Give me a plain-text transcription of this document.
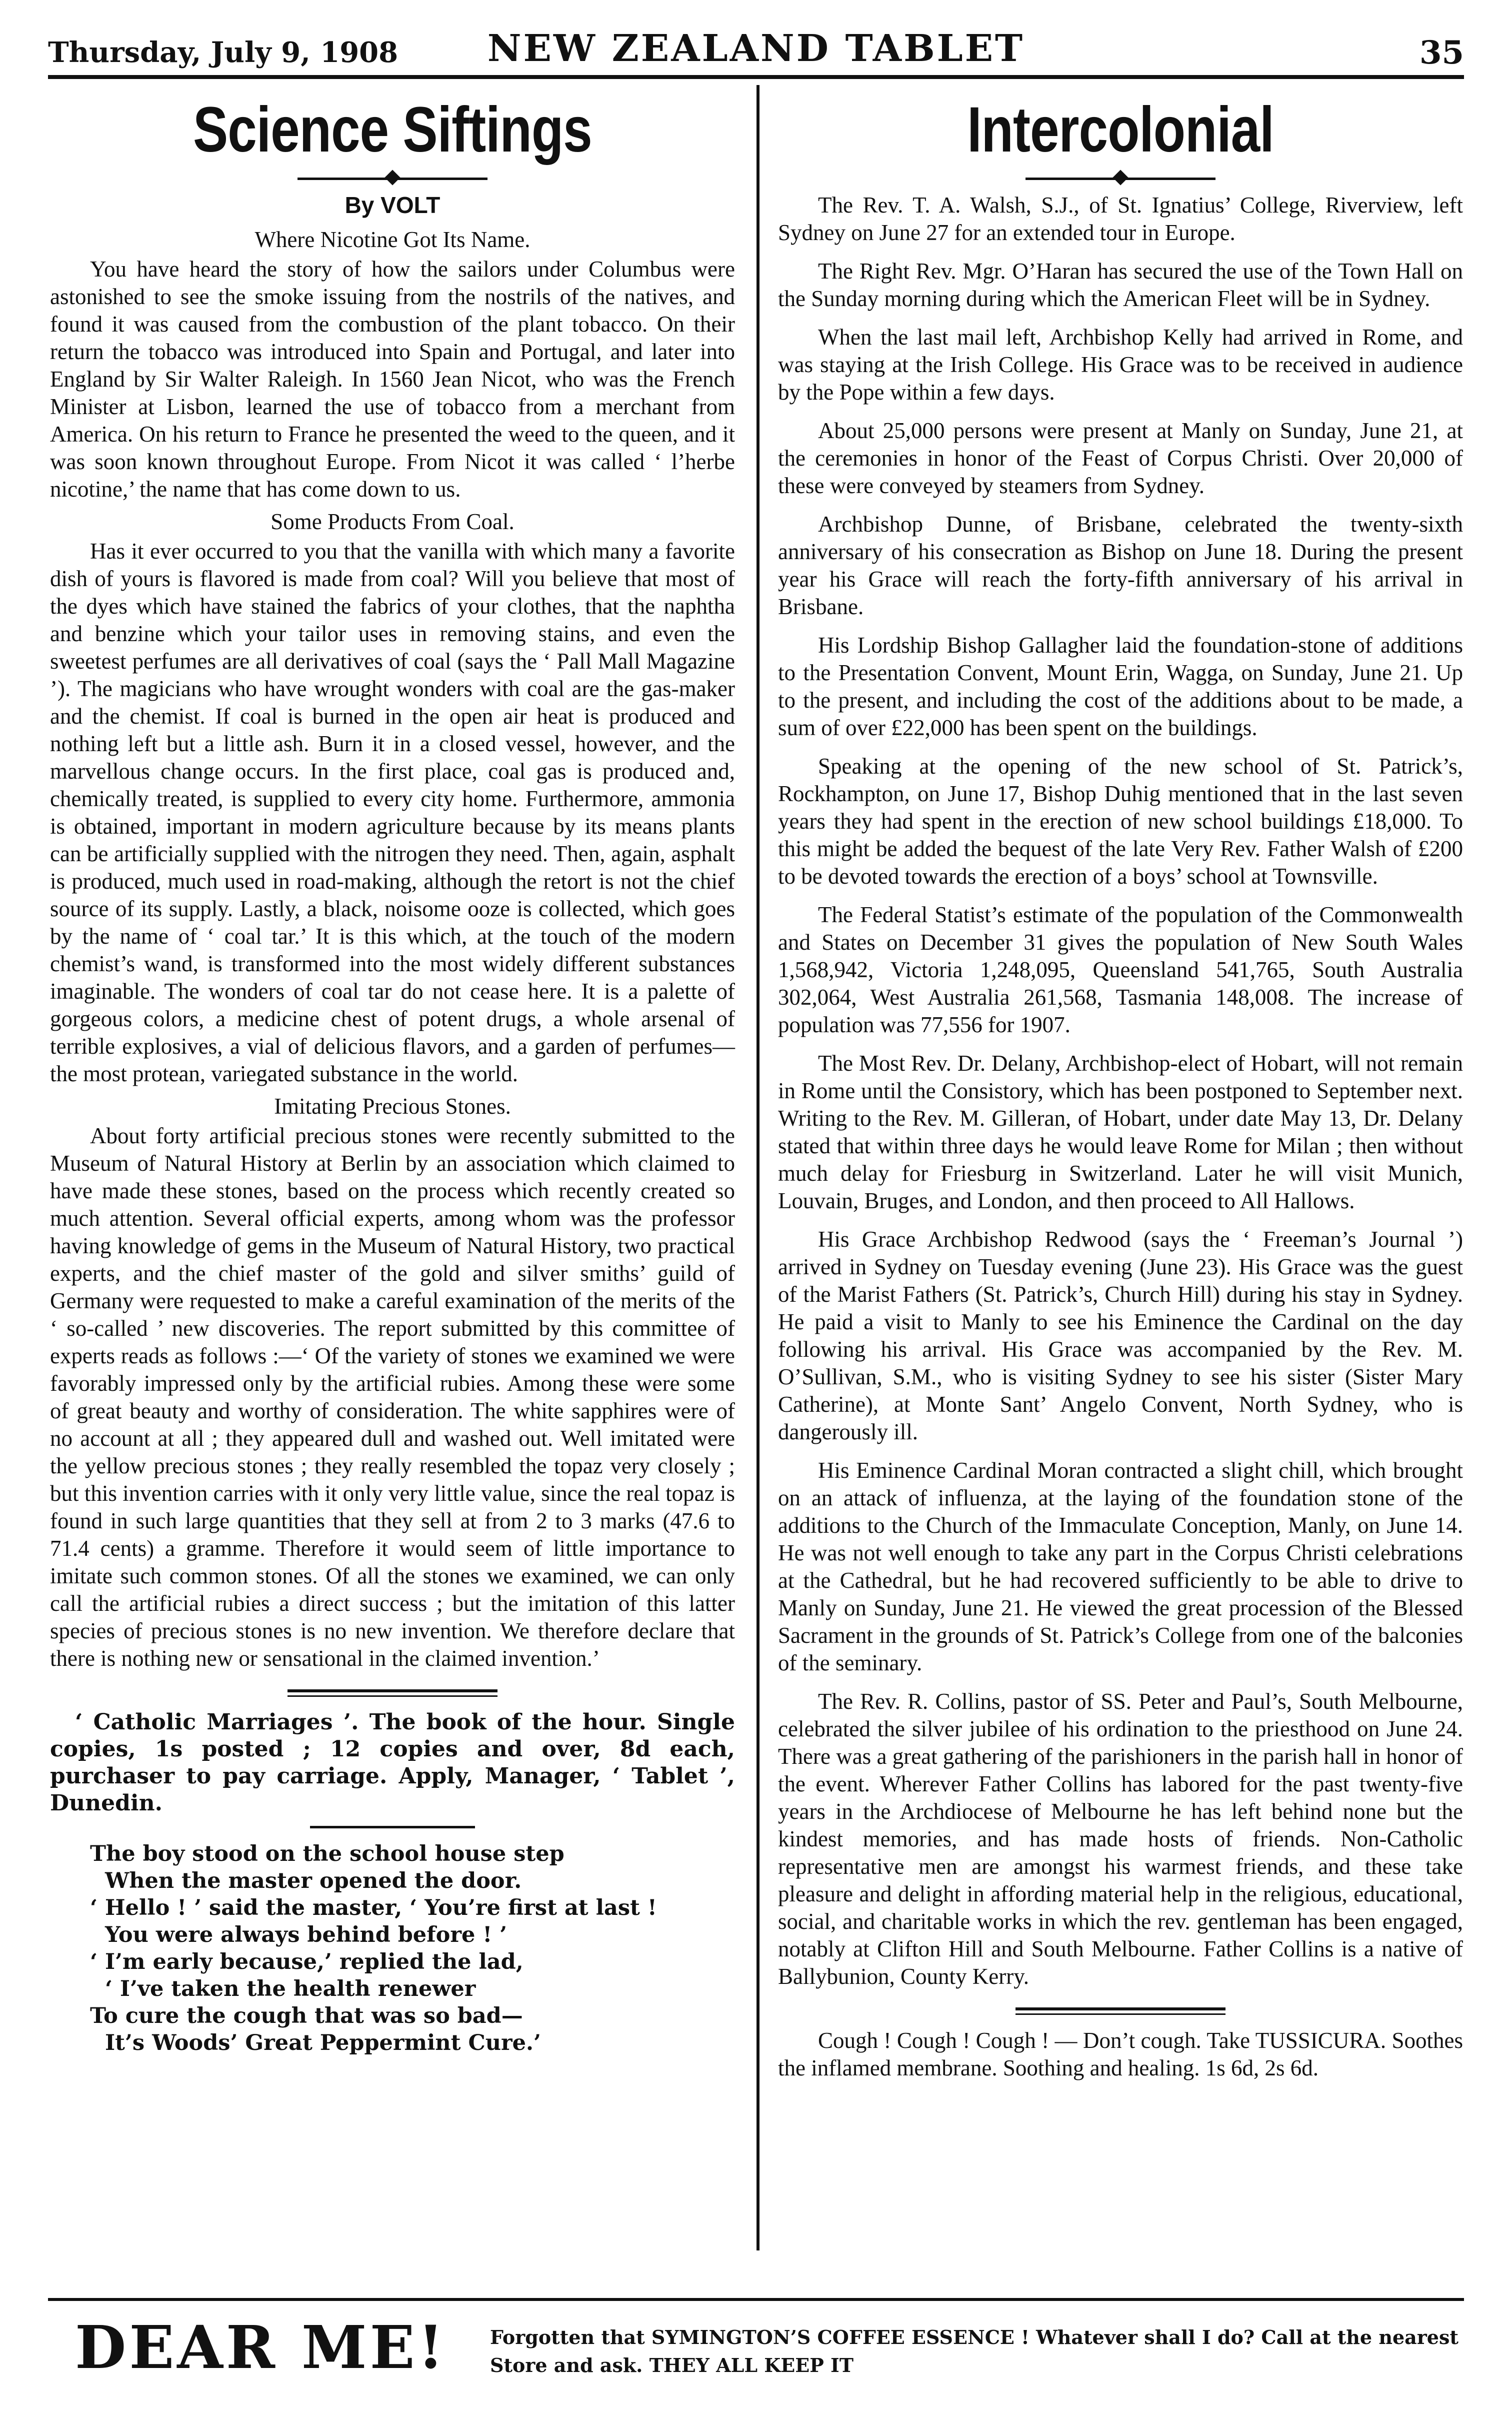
Thursday, July 9, 1908	NEW ZEALAND TABLET	35
Science Siftings
By VOLT
Where Nicotine Got Its Name.

You have heard the story of how the sailors under Columbus were astonished to see the smoke issuing from the nostrils of the natives, and found it was caused from the combustion of the plant tobacco. On their return the tobacco was introduced into Spain and Portugal, and later into England by Sir Walter Raleigh. In 1560 Jean Nicot, who was the French Minister at Lisbon, learned the use of tobacco from a merchant from America. On his return to France he presented the weed to the queen, and it was soon known throughout Europe. From Nicot it was called ‘ l’herbe nicotine,’ the name that has come down to us.

Some Products From Coal.

Has it ever occurred to you that the vanilla with which many a favorite dish of yours is flavored is made from coal? Will you believe that most of the dyes which have stained the fabrics of your clothes, that the naphtha and benzine which your tailor uses in removing stains, and even the sweetest perfumes are all derivatives of coal (says the ‘ Pall Mall Magazine ’). The magicians who have wrought wonders with coal are the gas-maker and the chemist. If coal is burned in the open air heat is produced and nothing left but a little ash. Burn it in a closed vessel, however, and the marvellous change occurs. In the first place, coal gas is produced and, chemically treated, is supplied to every city home. Furthermore, ammonia is obtained, important in modern agriculture because by its means plants can be artificially supplied with the nitrogen they need. Then, again, asphalt is produced, much used in road-making, although the retort is not the chief source of its supply. Lastly, a black, noisome ooze is collected, which goes by the name of ‘ coal tar.’ It is this which, at the touch of the modern chemist’s wand, is transformed into the most widely different substances imaginable. The wonders of coal tar do not cease here. It is a palette of gorgeous colors, a medicine chest of potent drugs, a whole arsenal of terrible explosives, a vial of delicious flavors, and a garden of perfumes—the most protean, variegated substance in the world.

Imitating Precious Stones.

About forty artificial precious stones were recently submitted to the Museum of Natural History at Berlin by an association which claimed to have made these stones, based on the process which recently created so much attention. Several official experts, among whom was the professor having knowledge of gems in the Museum of Natural History, two practical experts, and the chief master of the gold and silver smiths’ guild of Germany were requested to make a careful examination of the merits of the ‘ so-called ’ new discoveries. The report submitted by this committee of experts reads as follows :—‘ Of the variety of stones we examined we were favorably impressed only by the artificial rubies. Among these were some of great beauty and worthy of consideration. The white sapphires were of no account at all ; they appeared dull and washed out. Well imitated were the yellow precious stones ; they really resembled the topaz very closely ; but this invention carries with it only very little value, since the real topaz is found in such large quantities that they sell at from 2 to 3 marks (47.6 to 71.4 cents) a gramme. Therefore it would seem of little importance to imitate such common stones. Of all the stones we examined, we can only call the artificial rubies a direct success ; but the imitation of this latter species of precious stones is no new invention. We therefore declare that there is nothing new or sensational in the claimed invention.’

‘ Catholic Marriages ’. The book of the hour. Single copies, 1s posted ; 12 copies and over, 8d each, purchaser to pay carriage. Apply, Manager, ‘ Tablet ’, Dunedin.

The boy stood on the school house step
When the master opened the door.
‘ Hello ! ’ said the master, ‘ You’re first at last !
You were always behind before ! ’
‘ I’m early because,’ replied the lad,
‘ I’ve taken the health renewer
To cure the cough that was so bad—
It’s Woods’ Great Peppermint Cure.’
Intercolonial

The Rev. T. A. Walsh, S.J., of St. Ignatius’ College, Riverview, left Sydney on June 27 for an extended tour in Europe.

The Right Rev. Mgr. O’Haran has secured the use of the Town Hall on the Sunday morning during which the American Fleet will be in Sydney.

When the last mail left, Archbishop Kelly had arrived in Rome, and was staying at the Irish College. His Grace was to be received in audience by the Pope within a few days.

About 25,000 persons were present at Manly on Sunday, June 21, at the ceremonies in honor of the Feast of Corpus Christi. Over 20,000 of these were conveyed by steamers from Sydney.

Archbishop Dunne, of Brisbane, celebrated the twenty-sixth anniversary of his consecration as Bishop on June 18. During the present year his Grace will reach the forty-fifth anniversary of his arrival in Brisbane.

His Lordship Bishop Gallagher laid the foundation-stone of additions to the Presentation Convent, Mount Erin, Wagga, on Sunday, June 21. Up to the present, and including the cost of the additions about to be made, a sum of over £22,000 has been spent on the buildings.

Speaking at the opening of the new school of St. Patrick’s, Rockhampton, on June 17, Bishop Duhig mentioned that in the last seven years they had spent in the erection of new school buildings £18,000. To this might be added the bequest of the late Very Rev. Father Walsh of £200 to be devoted towards the erection of a boys’ school at Townsville.

The Federal Statist’s estimate of the population of the Commonwealth and States on December 31 gives the population of New South Wales 1,568,942, Victoria 1,248,095, Queensland 541,765, South Australia 302,064, West Australia 261,568, Tasmania 148,008. The increase of population was 77,556 for 1907.

The Most Rev. Dr. Delany, Archbishop-elect of Hobart, will not remain in Rome until the Consistory, which has been postponed to September next. Writing to the Rev. M. Gilleran, of Hobart, under date May 13, Dr. Delany stated that within three days he would leave Rome for Milan ; then without much delay for Friesburg in Switzerland. Later he will visit Munich, Louvain, Bruges, and London, and then proceed to All Hallows.

His Grace Archbishop Redwood (says the ‘ Freeman’s Journal ’) arrived in Sydney on Tuesday evening (June 23). His Grace was the guest of the Marist Fathers (St. Patrick’s, Church Hill) during his stay in Sydney. He paid a visit to Manly to see his Eminence the Cardinal on the day following his arrival. His Grace was accompanied by the Rev. M. O’Sullivan, S.M., who is visiting Sydney to see his sister (Sister Mary Catherine), at Monte Sant’ Angelo Convent, North Sydney, who is dangerously ill.

His Eminence Cardinal Moran contracted a slight chill, which brought on an attack of influenza, at the laying of the foundation stone of the additions to the Church of the Immaculate Conception, Manly, on June 14. He was not well enough to take any part in the Corpus Christi celebrations at the Cathedral, but he had recovered sufficiently to be able to drive to Manly on Sunday, June 21. He viewed the great procession of the Blessed Sacrament in the grounds of St. Patrick’s College from one of the balconies of the seminary.

The Rev. R. Collins, pastor of SS. Peter and Paul’s, South Melbourne, celebrated the silver jubilee of his ordination to the priesthood on June 24. There was a great gathering of the parishioners in the parish hall in honor of the event. Wherever Father Collins has labored for the past twenty-five years in the Archdiocese of Melbourne he has left behind none but the kindest memories, and has made hosts of friends. Non-Catholic representative men are amongst his warmest friends, and these take pleasure and delight in affording material help in the religious, educational, social, and charitable works in which the rev. gentleman has been engaged, notably at Clifton Hill and South Melbourne. Father Collins is a native of Ballybunion, County Kerry.

Cough ! Cough ! Cough ! — Don’t cough. Take TUSSICURA. Soothes the inflamed membrane. Soothing and healing. 1s 6d, 2s 6d.

DEAR ME! Forgotten that SYMINGTON’S COFFEE ESSENCE ! Whatever shall I do? Call at the nearest Store and ask. THEY ALL KEEP IT
